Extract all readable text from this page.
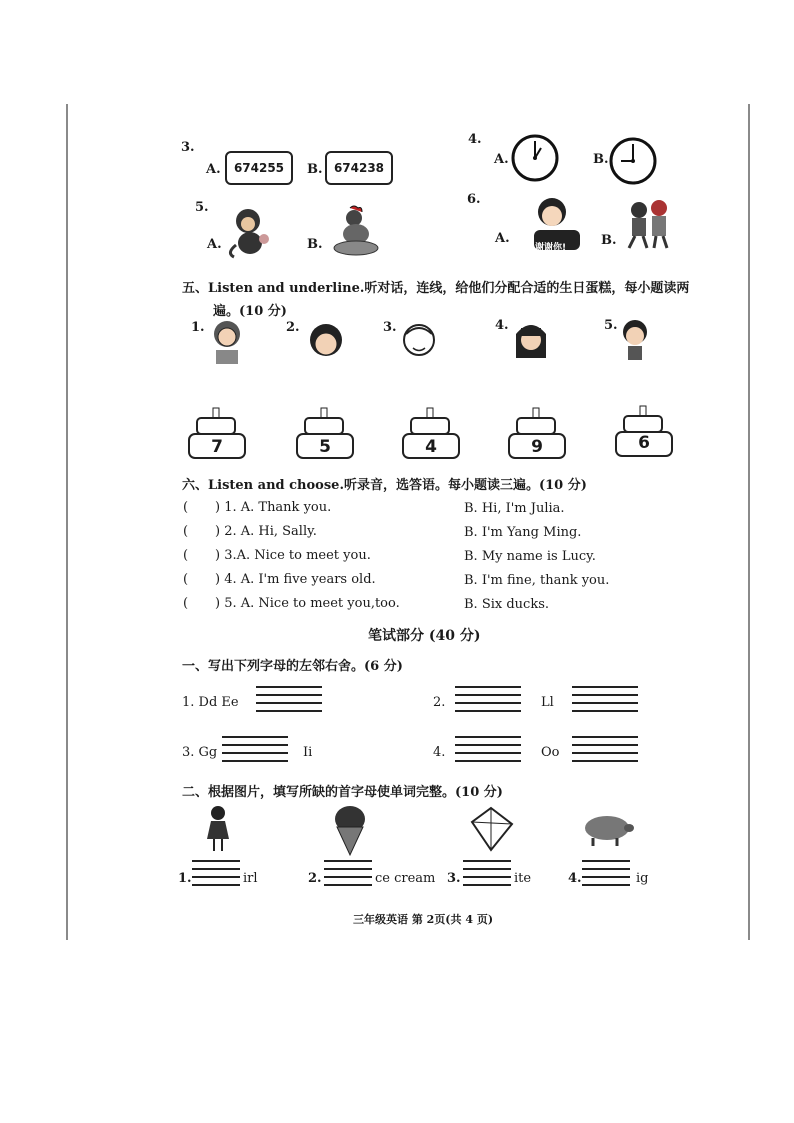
3.
A.	674255	B. 674238
4.
A.	B.
5.
A.	B.
6.
A.
谢谢你!	B.
五、Listen and underline.听对话，连线，给他们分配合适的生日蛋糕，每小题读两
遍。(10 分)
1.	2.	3.	4.	5.
7	5	4	9	6
六、Listen and choose.听录音，选答语。每小题读三遍。(10 分)
( ) 1. A. Thank you.	B. Hi, I'm Julia.
( ) 2. A. Hi, Sally.	B. I'm Yang Ming.
( ) 3.A. Nice to meet you.	B. My name is Lucy.
( ) 4. A. I'm five years old.	B. I'm fine, thank you.
( ) 5. A. Nice to meet you,too.	B. Six ducks.
笔试部分 (40 分)
一、写出下列字母的左邻右舍。(6 分)
1. Dd Ee	2.	Ll
3. Gg	Ii	4.	Oo
二、根据图片，填写所缺的首字母使单词完整。(10 分)
1.	irl	2.	ce cream 3.	ite	4.	ig
三年级英语 第 2页(共 4 页)
